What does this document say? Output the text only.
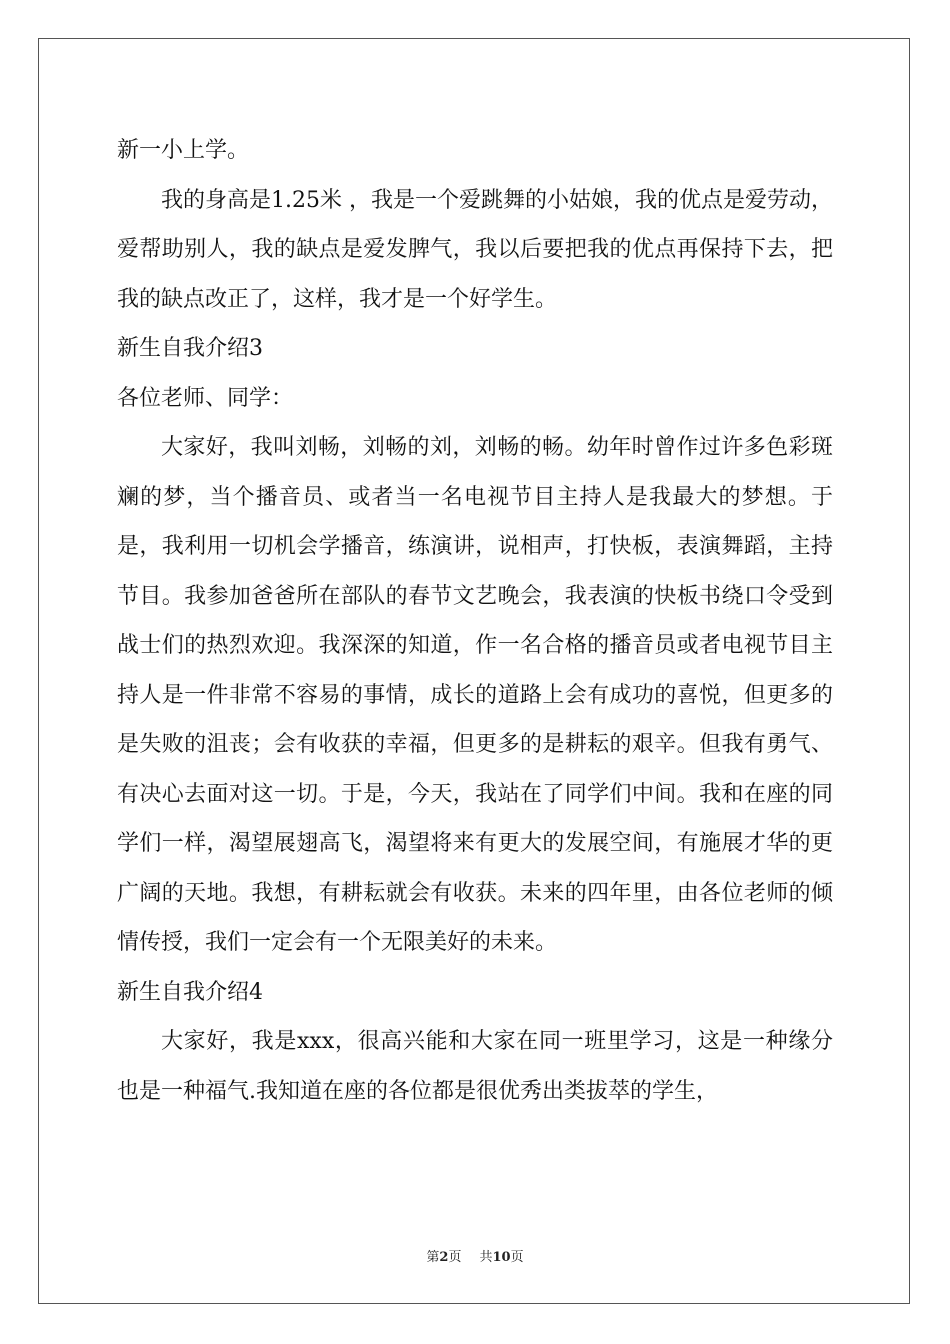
新一小上学。

我的身高是1.25米 ，我是一个爱跳舞的小姑娘，我的优点是爱劳动，爱帮助别人，我的缺点是爱发脾气，我以后要把我的优点再保持下去，把我的缺点改正了，这样，我才是一个好学生。

新生自我介绍3

各位老师、同学：

大家好，我叫刘畅，刘畅的刘，刘畅的畅。幼年时曾作过许多色彩斑斓的梦，当个播音员、或者当一名电视节目主持人是我最大的梦想。于是，我利用一切机会学播音，练演讲，说相声，打快板，表演舞蹈，主持节目。我参加爸爸所在部队的春节文艺晚会，我表演的快板书绕口令受到战士们的热烈欢迎。我深深的知道，作一名合格的播音员或者电视节目主持人是一件非常不容易的事情，成长的道路上会有成功的喜悦，但更多的是失败的沮丧；会有收获的幸福，但更多的是耕耘的艰辛。但我有勇气、有决心去面对这一切。于是，今天，我站在了同学们中间。我和在座的同学们一样，渴望展翅高飞，渴望将来有更大的发展空间，有施展才华的更广阔的天地。我想，有耕耘就会有收获。未来的四年里，由各位老师的倾情传授，我们一定会有一个无限美好的未来。

新生自我介绍4

大家好，我是xxx，很高兴能和大家在同一班里学习，这是一种缘分也是一种福气.我知道在座的各位都是很优秀出类拔萃的学生，

第2页 共10页
